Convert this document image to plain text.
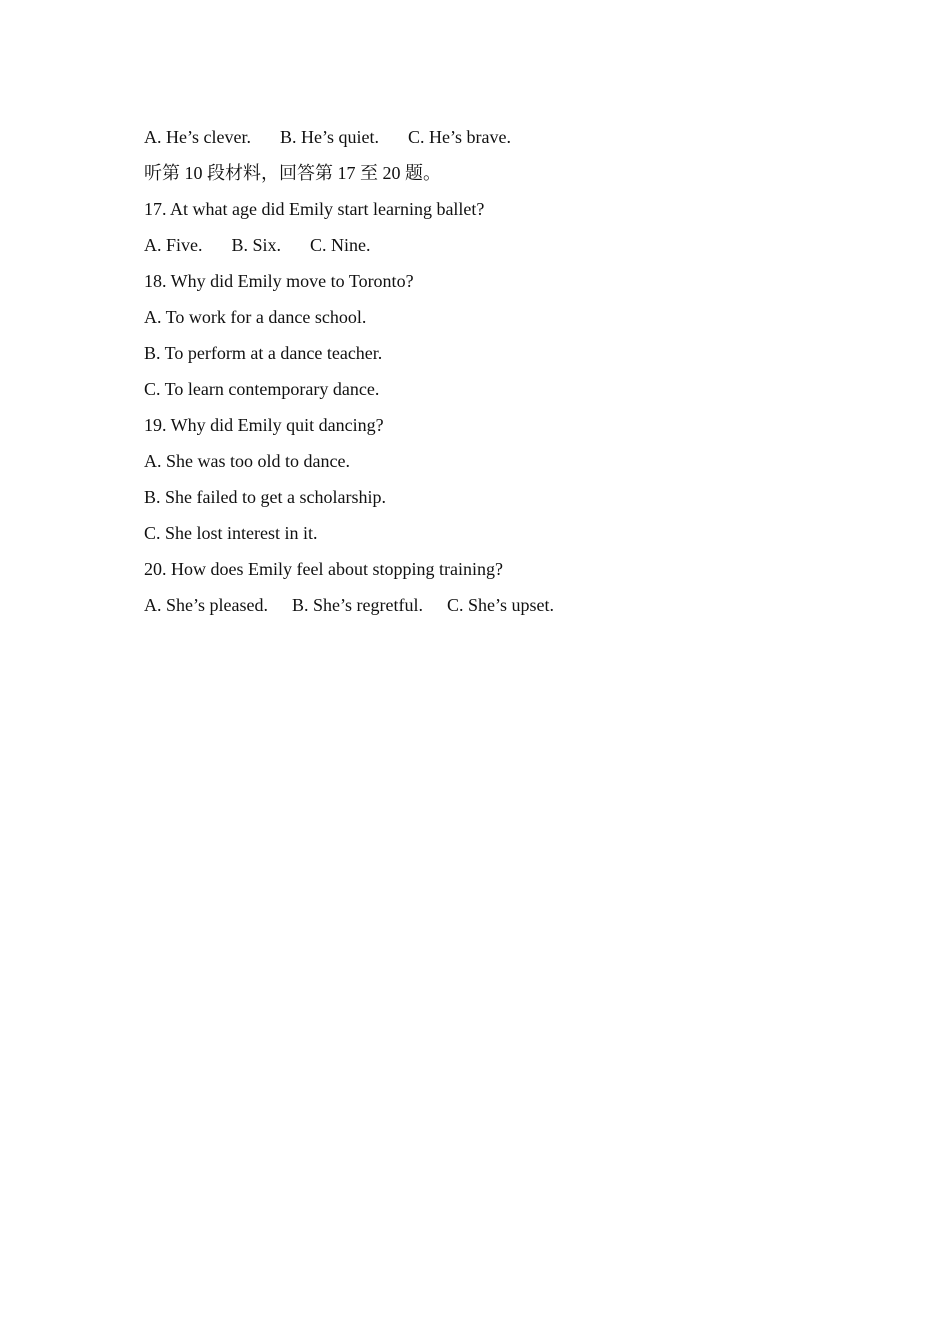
A. He’s clever. B. He’s quiet. C. He’s brave.
听第 10 段材料，回答第 17 至 20 题。
17. At what age did Emily start learning ballet?
A. Five. B. Six. C. Nine.
18. Why did Emily move to Toronto?
A. To work for a dance school.
B. To perform at a dance teacher.
C. To learn contemporary dance.
19. Why did Emily quit dancing?
A. She was too old to dance.
B. She failed to get a scholarship.
C. She lost interest in it.
20. How does Emily feel about stopping training?
A. She’s pleased. B. She’s regretful. C. She’s upset.
